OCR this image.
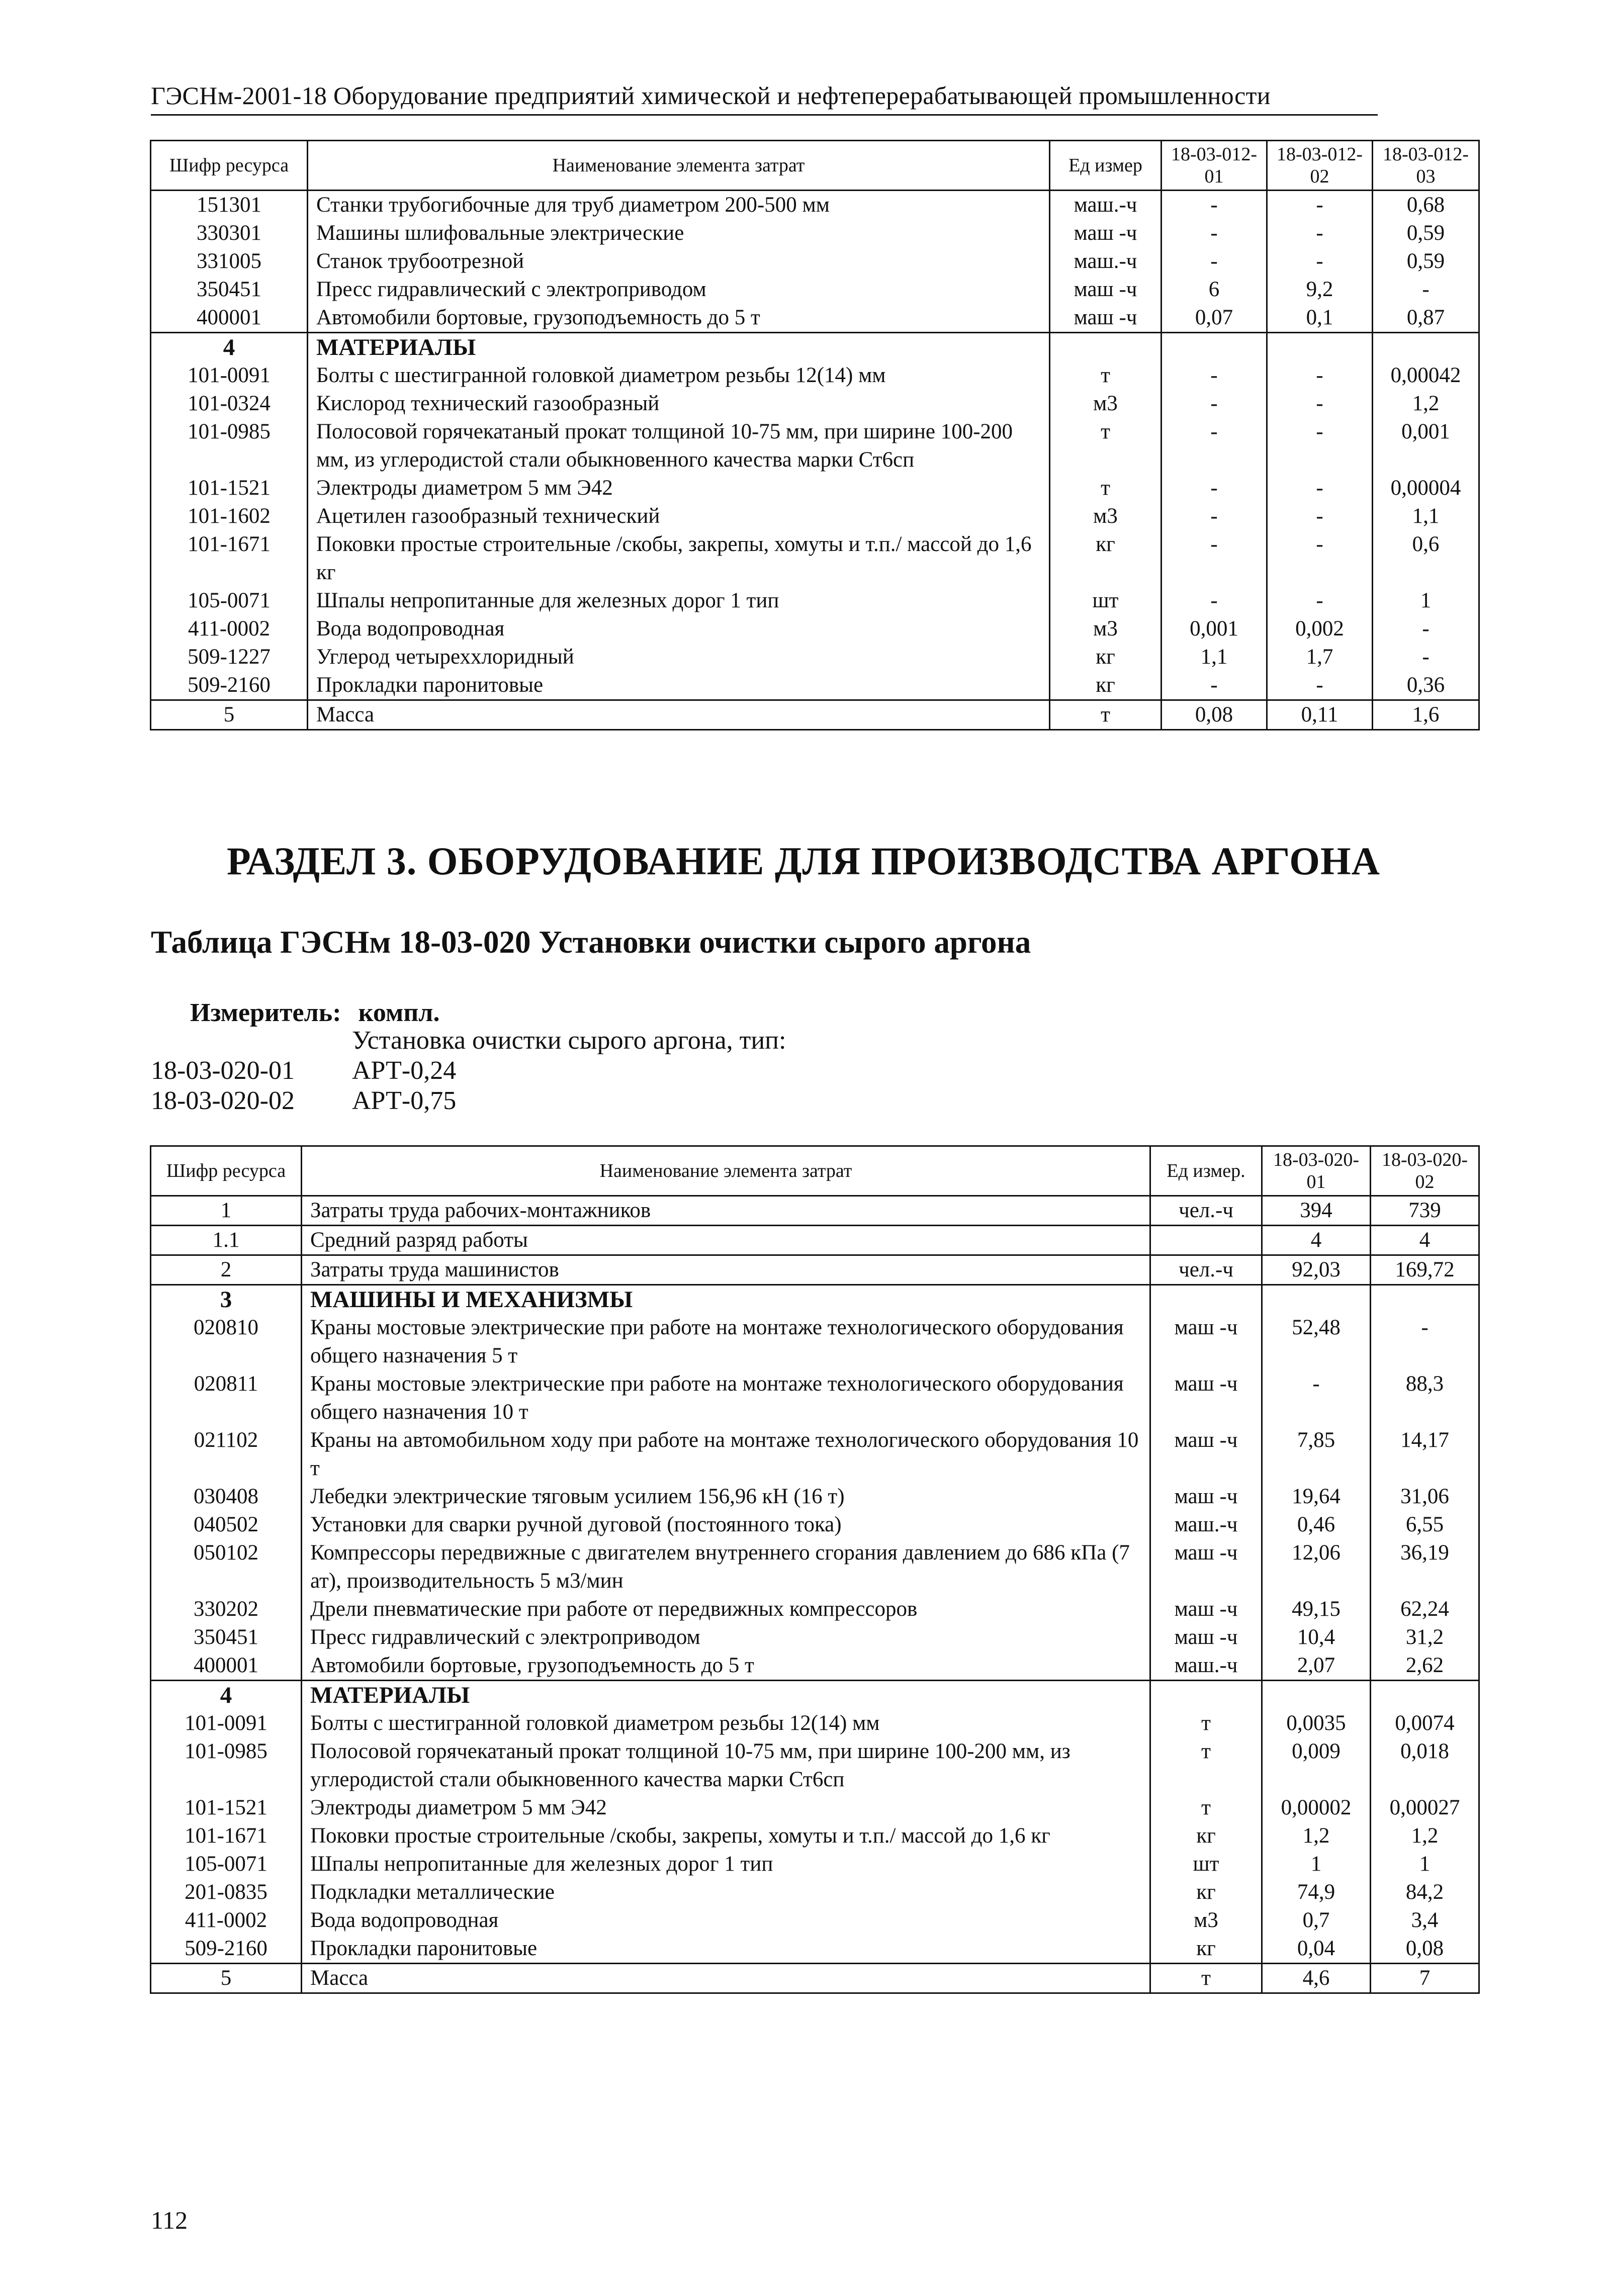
ГЭСНм-2001-18 Оборудование предприятий химической и нефтеперерабатывающей промышленности
Шифр ресурса	Наименование элемента затрат	Ед измер	18-03-012-01	18-03-012-02	18-03-012-03
151301	Станки трубогибочные для труб диаметром 200-500 мм	маш.-ч	-	-	0,68
330301	Машины шлифовальные электрические	маш -ч	-	-	0,59
331005	Станок трубоотрезной	маш.-ч	-	-	0,59
350451	Пресс гидравлический с электроприводом	маш -ч	6	9,2	-
400001	Автомобили бортовые, грузоподъемность до 5 т	маш -ч	0,07	0,1	0,87
4	МАТЕРИАЛЫ				
101-0091	Болты с шестигранной головкой диаметром резьбы 12(14) мм	т	-	-	0,00042
101-0324	Кислород технический газообразный	м3	-	-	1,2
101-0985	Полосовой горячекатаный прокат толщиной 10-75 мм, при ширине 100-200 мм, из углеродистой стали обыкновенного качества марки Ст6сп	т	-	-	0,001
101-1521	Электроды диаметром 5 мм Э42	т	-	-	0,00004
101-1602	Ацетилен газообразный технический	м3	-	-	1,1
101-1671	Поковки простые строительные /скобы, закрепы, хомуты и т.п./ массой до 1,6 кг	кг	-	-	0,6
105-0071	Шпалы непропитанные для железных дорог 1 тип	шт	-	-	1
411-0002	Вода водопроводная	м3	0,001	0,002	-
509-1227	Углерод четыреххлоридный	кг	1,1	1,7	-
509-2160	Прокладки паронитовые	кг	-	-	0,36
5	Масса	т	0,08	0,11	1,6
РАЗДЕЛ 3. ОБОРУДОВАНИЕ ДЛЯ ПРОИЗВОДСТВА АРГОНА
Таблица ГЭСНм 18-03-020 Установки очистки сырого аргона
Измеритель: компл.
Установка очистки сырого аргона, тип:
18-03-020-01 АРТ-0,24
18-03-020-02 АРТ-0,75
Шифр ресурса	Наименование элемента затрат	Ед измер.	18-03-020-01	18-03-020-02
1	Затраты труда рабочих-монтажников	чел.-ч	394	739
1.1	Средний разряд работы		4	4
2	Затраты труда машинистов	чел.-ч	92,03	169,72
3	МАШИНЫ И МЕХАНИЗМЫ			
020810	Краны мостовые электрические при работе на монтаже технологического оборудования общего назначения 5 т	маш -ч	52,48	-
020811	Краны мостовые электрические при работе на монтаже технологического оборудования общего назначения 10 т	маш -ч	-	88,3
021102	Краны на автомобильном ходу при работе на монтаже технологического оборудования 10 т	маш -ч	7,85	14,17
030408	Лебедки электрические тяговым усилием 156,96 кН (16 т)	маш -ч	19,64	31,06
040502	Установки для сварки ручной дуговой (постоянного тока)	маш.-ч	0,46	6,55
050102	Компрессоры передвижные с двигателем внутреннего сгорания давлением до 686 кПа (7 ат), производительность 5 м3/мин	маш -ч	12,06	36,19
330202	Дрели пневматические при работе от передвижных компрессоров	маш -ч	49,15	62,24
350451	Пресс гидравлический с электроприводом	маш -ч	10,4	31,2
400001	Автомобили бортовые, грузоподъемность до 5 т	маш.-ч	2,07	2,62
4	МАТЕРИАЛЫ			
101-0091	Болты с шестигранной головкой диаметром резьбы 12(14) мм	т	0,0035	0,0074
101-0985	Полосовой горячекатаный прокат толщиной 10-75 мм, при ширине 100-200 мм, из углеродистой стали обыкновенного качества марки Ст6сп	т	0,009	0,018
101-1521	Электроды диаметром 5 мм Э42	т	0,00002	0,00027
101-1671	Поковки простые строительные /скобы, закрепы, хомуты и т.п./ массой до 1,6 кг	кг	1,2	1,2
105-0071	Шпалы непропитанные для железных дорог 1 тип	шт	1	1
201-0835	Подкладки металлические	кг	74,9	84,2
411-0002	Вода водопроводная	м3	0,7	3,4
509-2160	Прокладки паронитовые	кг	0,04	0,08
5	Масса	т	4,6	7
112
